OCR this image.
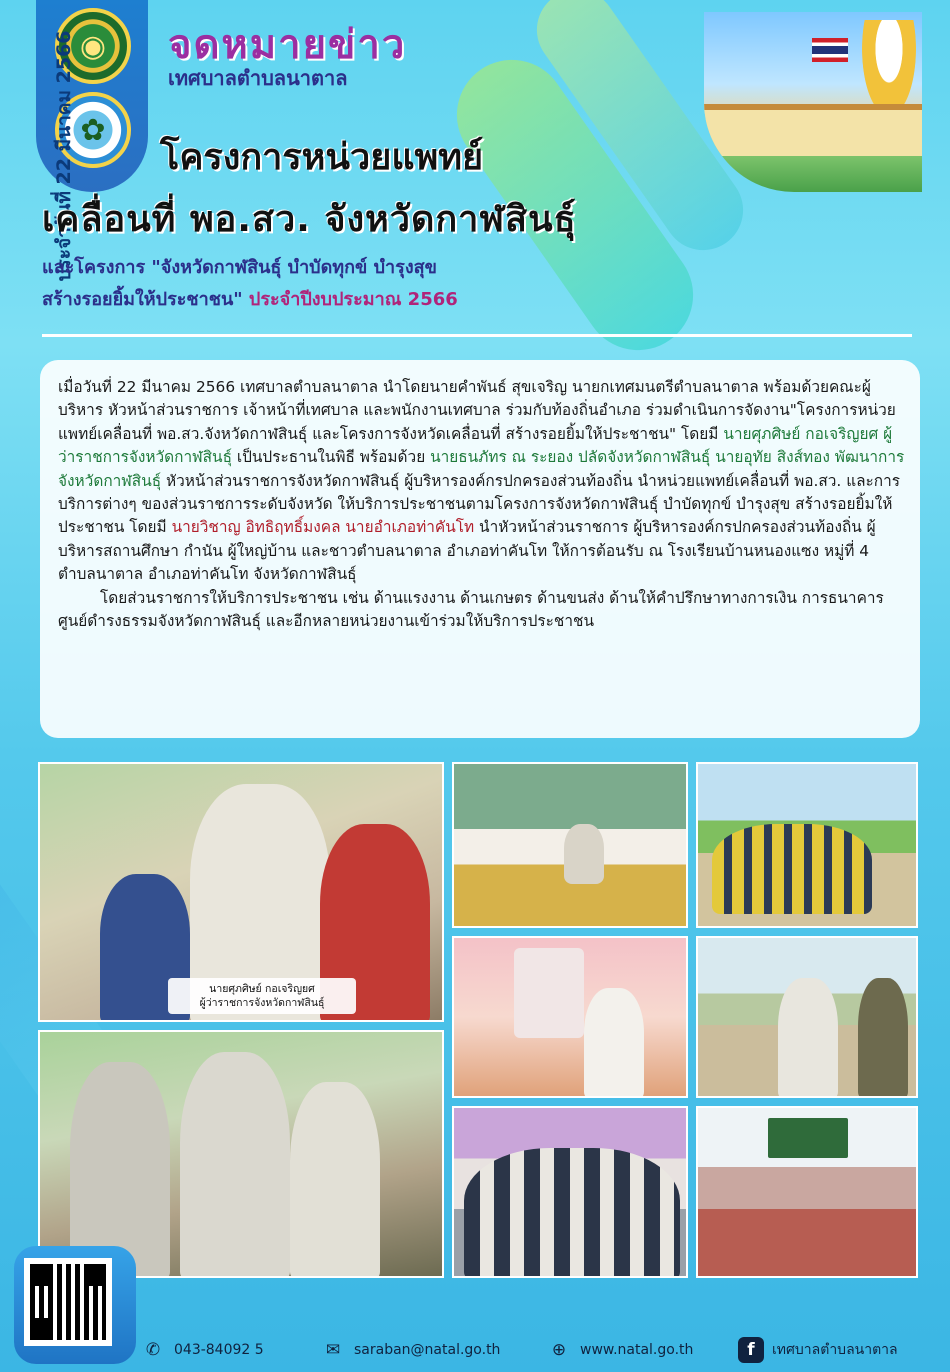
◉
✿
ประจำวันที่ 22 มีนาคม 2566 จดหมายข่าว
เทศบาลตำบลนาตาล
โครงการหน่วยแพทย์
เคลื่อนที่ พอ.สว. จังหวัดกาฬสินธุ์
และโครงการ "จังหวัดกาฬสินธุ์ บำบัดทุกข์ บำรุงสุข
สร้างรอยยิ้มให้ประชาชน" ประจำปีงบประมาณ 2566

เมื่อวันที่ 22 มีนาคม 2566 เทศบาลตำบลนาตาล นำโดยนายคำพันธ์ สุขเจริญ นายกเทศมนตรีตำบลนาตาล พร้อมด้วยคณะผู้บริหาร หัวหน้าส่วนราชการ เจ้าหน้าที่เทศบาล และพนักงานเทศบาล ร่วมกับท้องถิ่นอำเภอ ร่วมดำเนินการจัดงาน"โครงการหน่วยแพทย์เคลื่อนที่ พอ.สว.จังหวัดกาฬสินธุ์ และโครงการจังหวัดเคลื่อนที่ สร้างรอยยิ้มให้ประชาชน" โดยมี นายศุภศิษย์ กอเจริญยศ ผู้ว่าราชการจังหวัดกาฬสินธุ์ เป็นประธานในพิธี พร้อมด้วย นายธนภัทร ณ ระยอง ปลัดจังหวัดกาฬสินธุ์ นายอุทัย สิงส์ทอง พัฒนาการจังหวัดกาฬสินธุ์ หัวหน้าส่วนราชการจังหวัดกาฬสินธุ์ ผู้บริหารองค์กรปกครองส่วนท้องถิ่น นำหน่วยแพทย์เคลื่อนที่ พอ.สว. และการบริการต่างๆ ของส่วนราชการระดับจังหวัด ให้บริการประชาชนตามโครงการจังหวัดกาฬสินธุ์ บำบัดทุกข์ บำรุงสุข สร้างรอยยิ้มให้ประชาชน โดยมี นายวิชาญ อิทธิฤทธิ์มงคล นายอำเภอท่าคันโท นำหัวหน้าส่วนราชการ ผู้บริหารองค์กรปกครองส่วนท้องถิ่น ผู้บริหารสถานศึกษา กำนัน ผู้ใหญ่บ้าน และชาวตำบลนาตาล อำเภอท่าคันโท ให้การต้อนรับ ณ โรงเรียนบ้านหนองแซง หมู่ที่ 4 ตำบลนาตาล อำเภอท่าคันโท จังหวัดกาฬสินธุ์

โดยส่วนราชการให้บริการประชาชน เช่น ด้านแรงงาน ด้านเกษตร ด้านขนส่ง ด้านให้คำปรึกษาทางการเงิน การธนาคาร ศูนย์ดำรงธรรมจังหวัดกาฬสินธุ์ และอีกหลายหน่วยงานเข้าร่วมให้บริการประชาชน

นายศุภศิษย์ กอเจริญยศ
ผู้ว่าราชการจังหวัดกาฬสินธุ์
✆ 043-84092 5	✉ saraban@natal.go.th	⊕ www.natal.go.th	f	เทศบาลตำบลนาตาล
